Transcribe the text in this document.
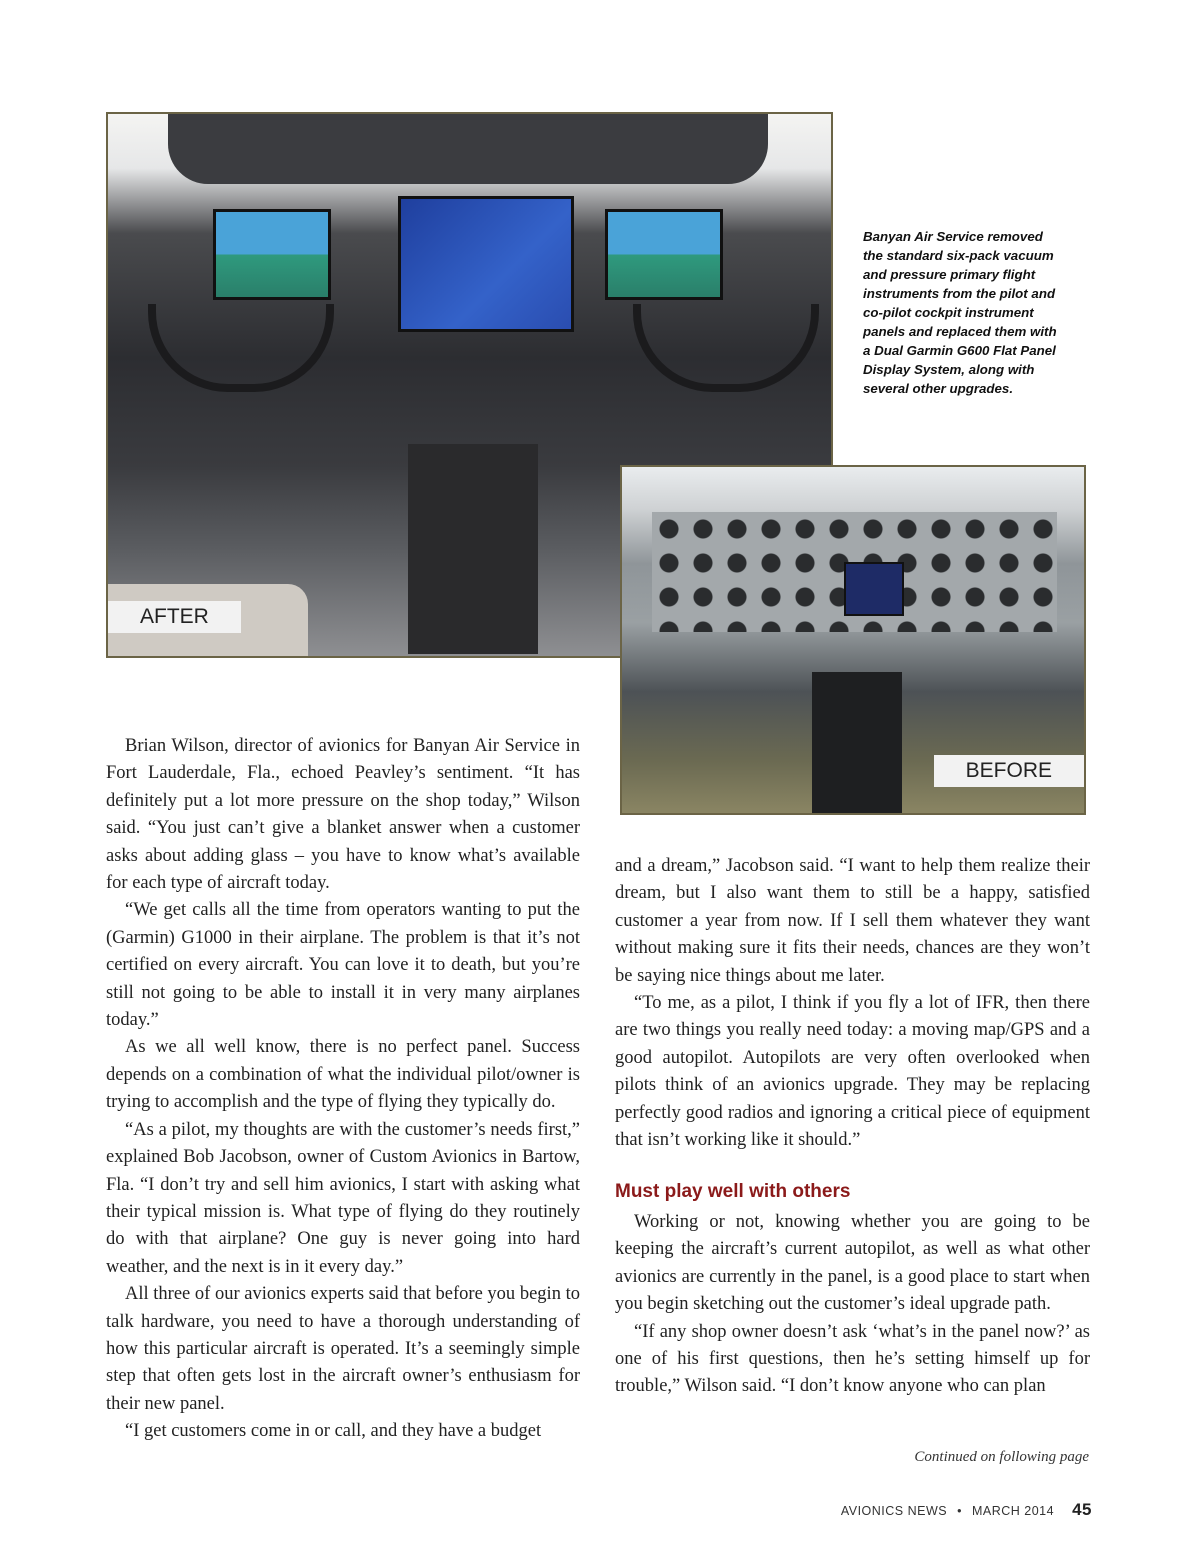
AFTER
BEFORE

Banyan Air Service removed the standard six-pack vacuum and pressure primary flight instruments from the pilot and co-pilot cockpit instrument panels and replaced them with a Dual Garmin G600 Flat Panel Display System, along with several other upgrades.

Brian Wilson, director of avionics for Banyan Air Service in Fort Lauderdale, Fla., echoed Peavley’s sentiment. “It has definitely put a lot more pressure on the shop today,” Wilson said. “You just can’t give a blanket answer when a customer asks about adding glass – you have to know what’s available for each type of aircraft today.

“We get calls all the time from operators wanting to put the (Garmin) G1000 in their airplane. The problem is that it’s not certified on every aircraft. You can love it to death, but you’re still not going to be able to install it in very many airplanes today.”

As we all well know, there is no perfect panel. Success depends on a combination of what the individual pilot/owner is trying to accomplish and the type of flying they typically do.

“As a pilot, my thoughts are with the customer’s needs first,” explained Bob Jacobson, owner of Custom Avionics in Bartow, Fla. “I don’t try and sell him avionics, I start with asking what their typical mission is. What type of flying do they routinely do with that airplane? One guy is never going into hard weather, and the next is in it every day.”

All three of our avionics experts said that before you begin to talk hardware, you need to have a thorough understanding of how this particular aircraft is operated. It’s a seemingly simple step that often gets lost in the aircraft owner’s enthusiasm for their new panel.

“I get customers come in or call, and they have a budget

and a dream,” Jacobson said. “I want to help them realize their dream, but I also want them to still be a happy, satisfied customer a year from now. If I sell them whatever they want without making sure it fits their needs, chances are they won’t be saying nice things about me later.

“To me, as a pilot, I think if you fly a lot of IFR, then there are two things you really need today: a moving map/GPS and a good autopilot. Autopilots are very often overlooked when pilots think of an avionics upgrade. They may be replacing perfectly good radios and ignoring a critical piece of equipment that isn’t working like it should.”

Must play well with others

Working or not, knowing whether you are going to be keeping the aircraft’s current autopilot, as well as what other avionics are currently in the panel, is a good place to start when you begin sketching out the customer’s ideal upgrade path.

“If any shop owner doesn’t ask ‘what’s in the panel now?’ as one of his first questions, then he’s setting himself up for trouble,” Wilson said. “I don’t know anyone who can plan

Continued on following page
AVIONICS NEWS • MARCH 2014 45
